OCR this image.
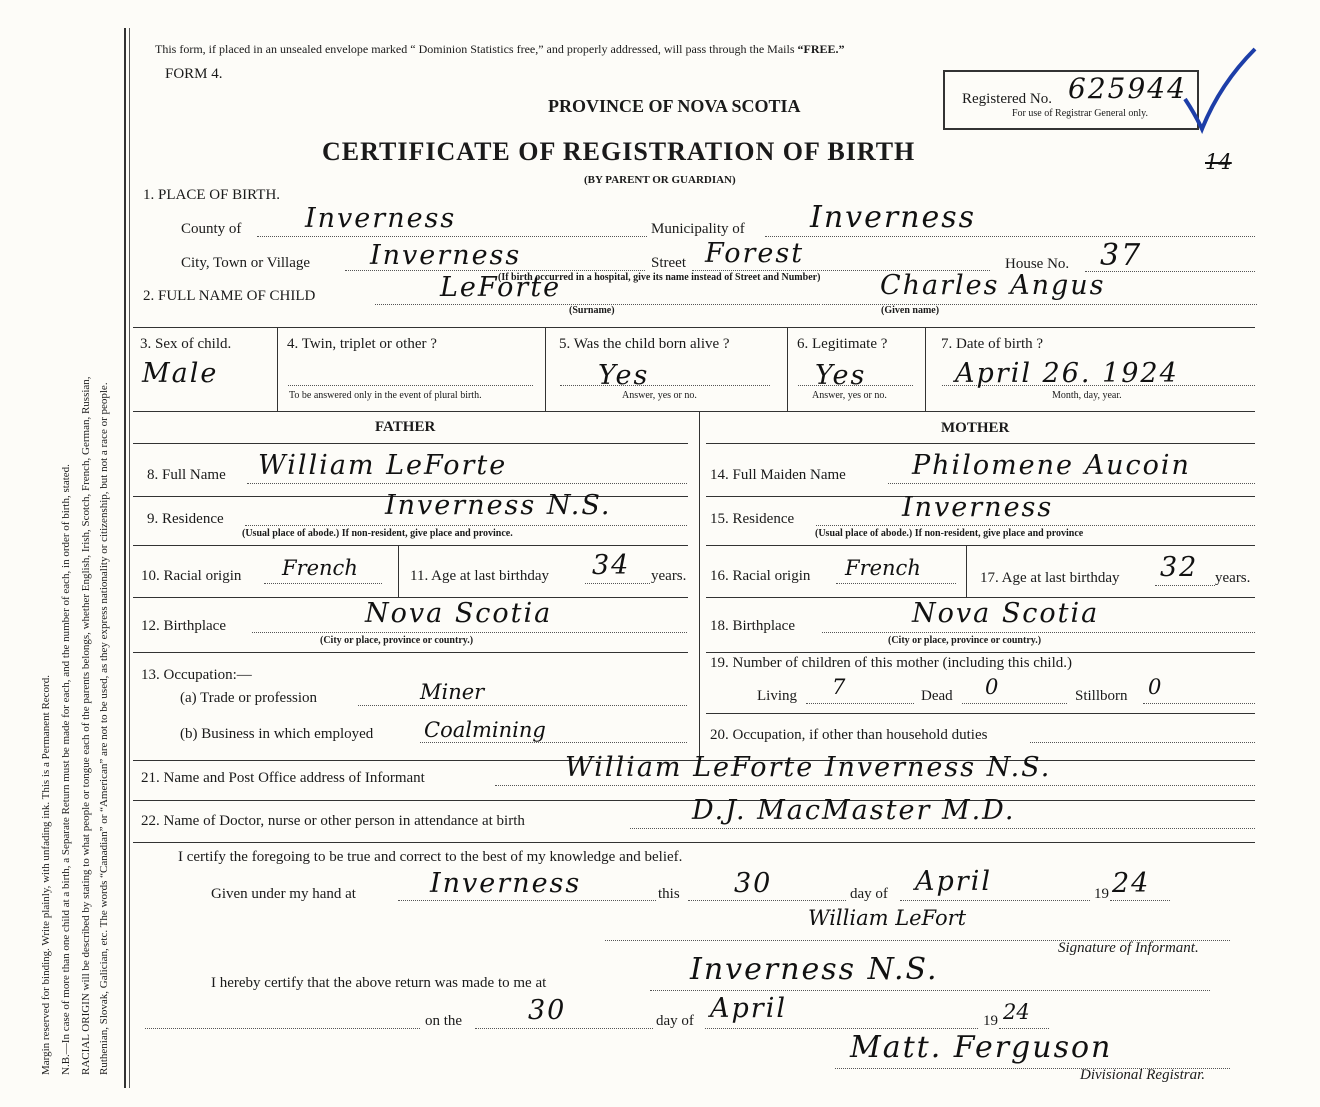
Margin reserved for binding. Write plainly, with unfading ink. This is a Permanent Record. N.B.—In case of more than one child at a birth, a Separate Return must be made for each, and the number of each, in order of birth, stated. RACIAL ORIGIN will be described by stating to what people or tongue each of the parents belongs, whether English, Irish, Scotch, French, German, Russian, Ruthenian, Slovak, Galician, etc. The words “Canadian” or “American” are not to be used, as they express nationality or citizenship, but not a race or people.
This form, if placed in an unsealed envelope marked “ Dominion Statistics free,” and properly addressed, will pass through the Mails “FREE.”
FORM 4.
PROVINCE OF NOVA SCOTIA
CERTIFICATE OF REGISTRATION OF BIRTH
(BY PARENT OR GUARDIAN)
Registered No. 625944
For use of Registrar General only.
14
1. PLACE OF BIRTH.
County of Inverness	Municipality of Inverness
City, Town or Village Inverness	Street Forest	House No. 37
(If birth occurred in a hospital, give its name instead of Street and Number)
2. FULL NAME OF CHILD	LeForte
(Surname)
Charles Angus
(Given name)
3. Sex of child.
Male
4. Twin, triplet or other ?
To be answered only in the event of plural birth.
5. Was the child born alive ?
Yes
Answer, yes or no.
6. Legitimate ?
Yes
Answer, yes or no.
7. Date of birth ?
April 26. 1924
Month, day, year.
FATHER	MOTHER
8. Full Name William LeForte
9. Residence	Inverness N.S.
(Usual place of abode.) If non-resident, give place and province.
10. Racial origin French	11. Age at last birthday 34 years.
12. Birthplace	Nova Scotia
(City or place, province or country.)
13. Occupation:—
(a) Trade or profession	Miner
(b) Business in which employed Coalmining
14. Full Maiden Name Philomene Aucoin
15. Residence	Inverness
(Usual place of abode.) If non-resident, give place and province
16. Racial origin French	17. Age at last birthday 32 years.
18. Birthplace	Nova Scotia
(City or place, province or country.)
19. Number of children of this mother (including this child.)
Living 7	Dead 0	Stillborn 0
20. Occupation, if other than household duties
21. Name and Post Office address of Informant	William LeForte Inverness N.S.
22. Name of Doctor, nurse or other person in attendance at birth	D.J. MacMaster M.D.
I certify the foregoing to be true and correct to the best of my knowledge and belief.
Given under my hand at	Inverness	this 30	day of April	19 24
William LeFort
Signature of Informant.
I hereby certify that the above return was made to me at	Inverness N.S.
on the 30	day of April	19 24
Matt. Ferguson
Divisional Registrar.
